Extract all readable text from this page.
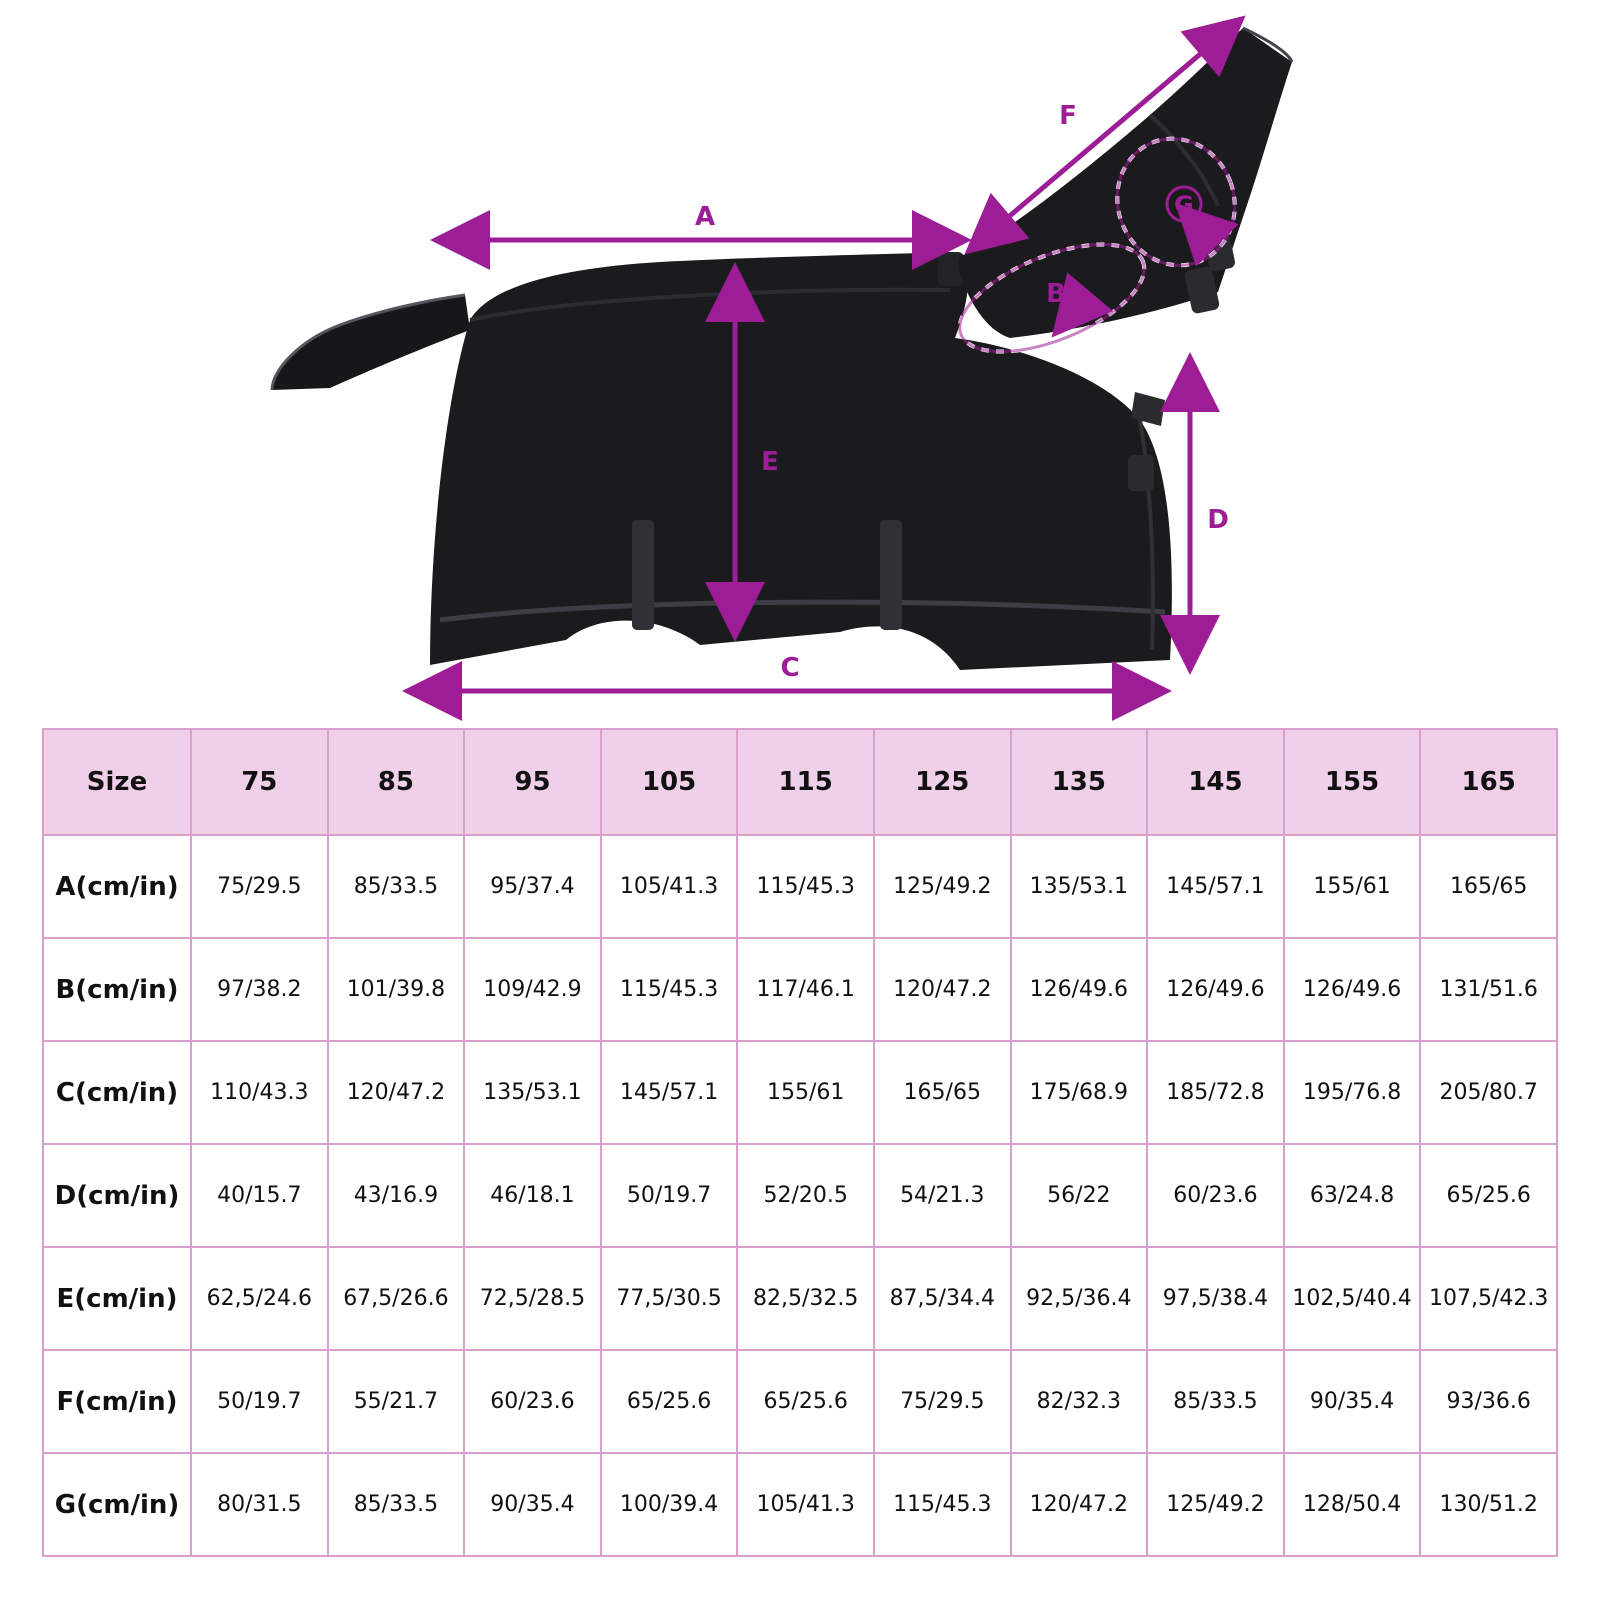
A
E
C
D
F
B
G
Size	75	85	95	105	115	125	135	145	155	165
A(cm/in)	75/29.5	85/33.5	95/37.4	105/41.3	115/45.3	125/49.2	135/53.1	145/57.1	155/61	165/65
B(cm/in)	97/38.2	101/39.8	109/42.9	115/45.3	117/46.1	120/47.2	126/49.6	126/49.6	126/49.6	131/51.6
C(cm/in)	110/43.3	120/47.2	135/53.1	145/57.1	155/61	165/65	175/68.9	185/72.8	195/76.8	205/80.7
D(cm/in)	40/15.7	43/16.9	46/18.1	50/19.7	52/20.5	54/21.3	56/22	60/23.6	63/24.8	65/25.6
E(cm/in)	62,5/24.6	67,5/26.6	72,5/28.5	77,5/30.5	82,5/32.5	87,5/34.4	92,5/36.4	97,5/38.4	102,5/40.4	107,5/42.3
F(cm/in)	50/19.7	55/21.7	60/23.6	65/25.6	65/25.6	75/29.5	82/32.3	85/33.5	90/35.4	93/36.6
G(cm/in)	80/31.5	85/33.5	90/35.4	100/39.4	105/41.3	115/45.3	120/47.2	125/49.2	128/50.4	130/51.2
